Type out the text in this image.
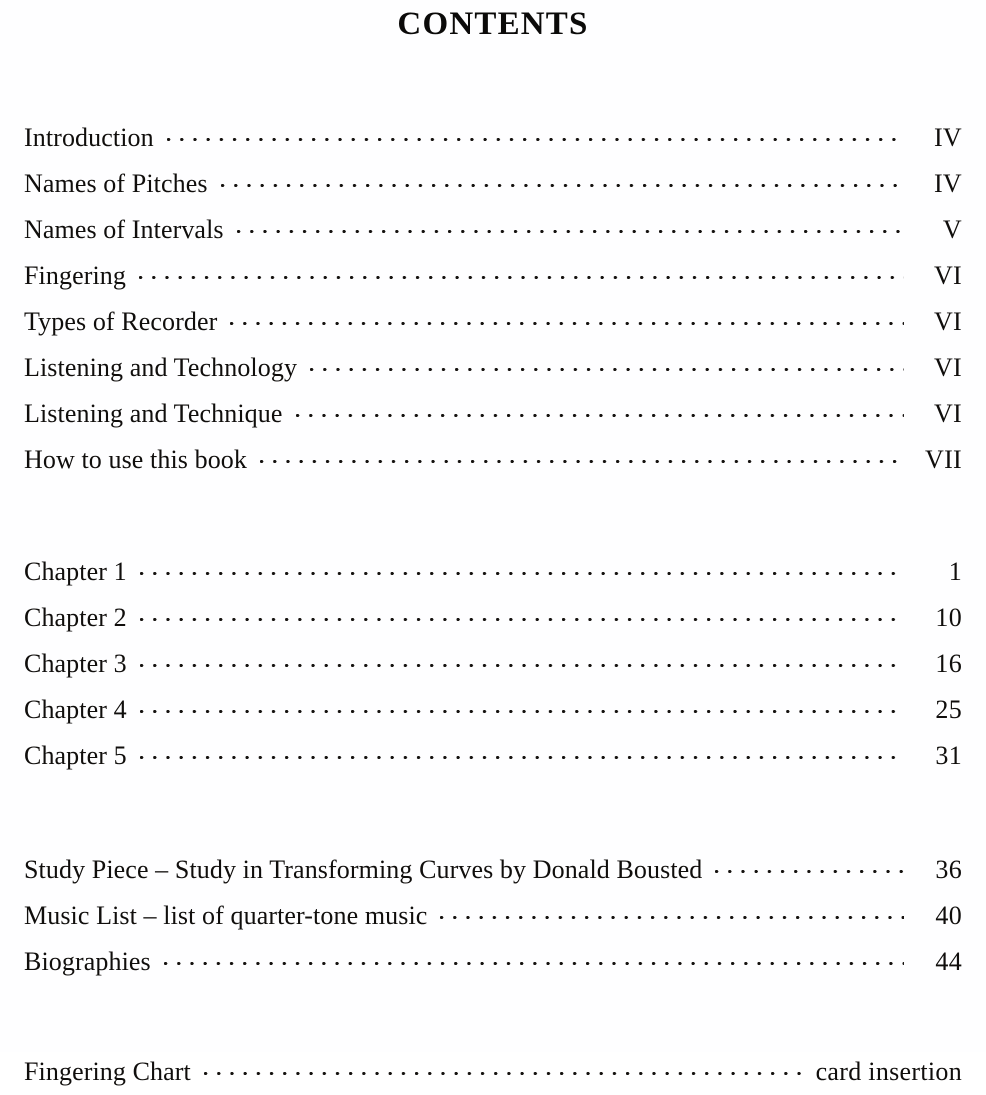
CONTENTS
Introduction	IV
Names of Pitches	IV
Names of Intervals	V
Fingering	VI
Types of Recorder	VI
Listening and Technology	VI
Listening and Technique	VI
How to use this book	VII
Chapter 1	1
Chapter 2	10
Chapter 3	16
Chapter 4	25
Chapter 5	31
Study Piece – Study in Transforming Curves by Donald Bousted	36
Music List – list of quarter-tone music	40
Biographies	44
Fingering Chart	card insertion
